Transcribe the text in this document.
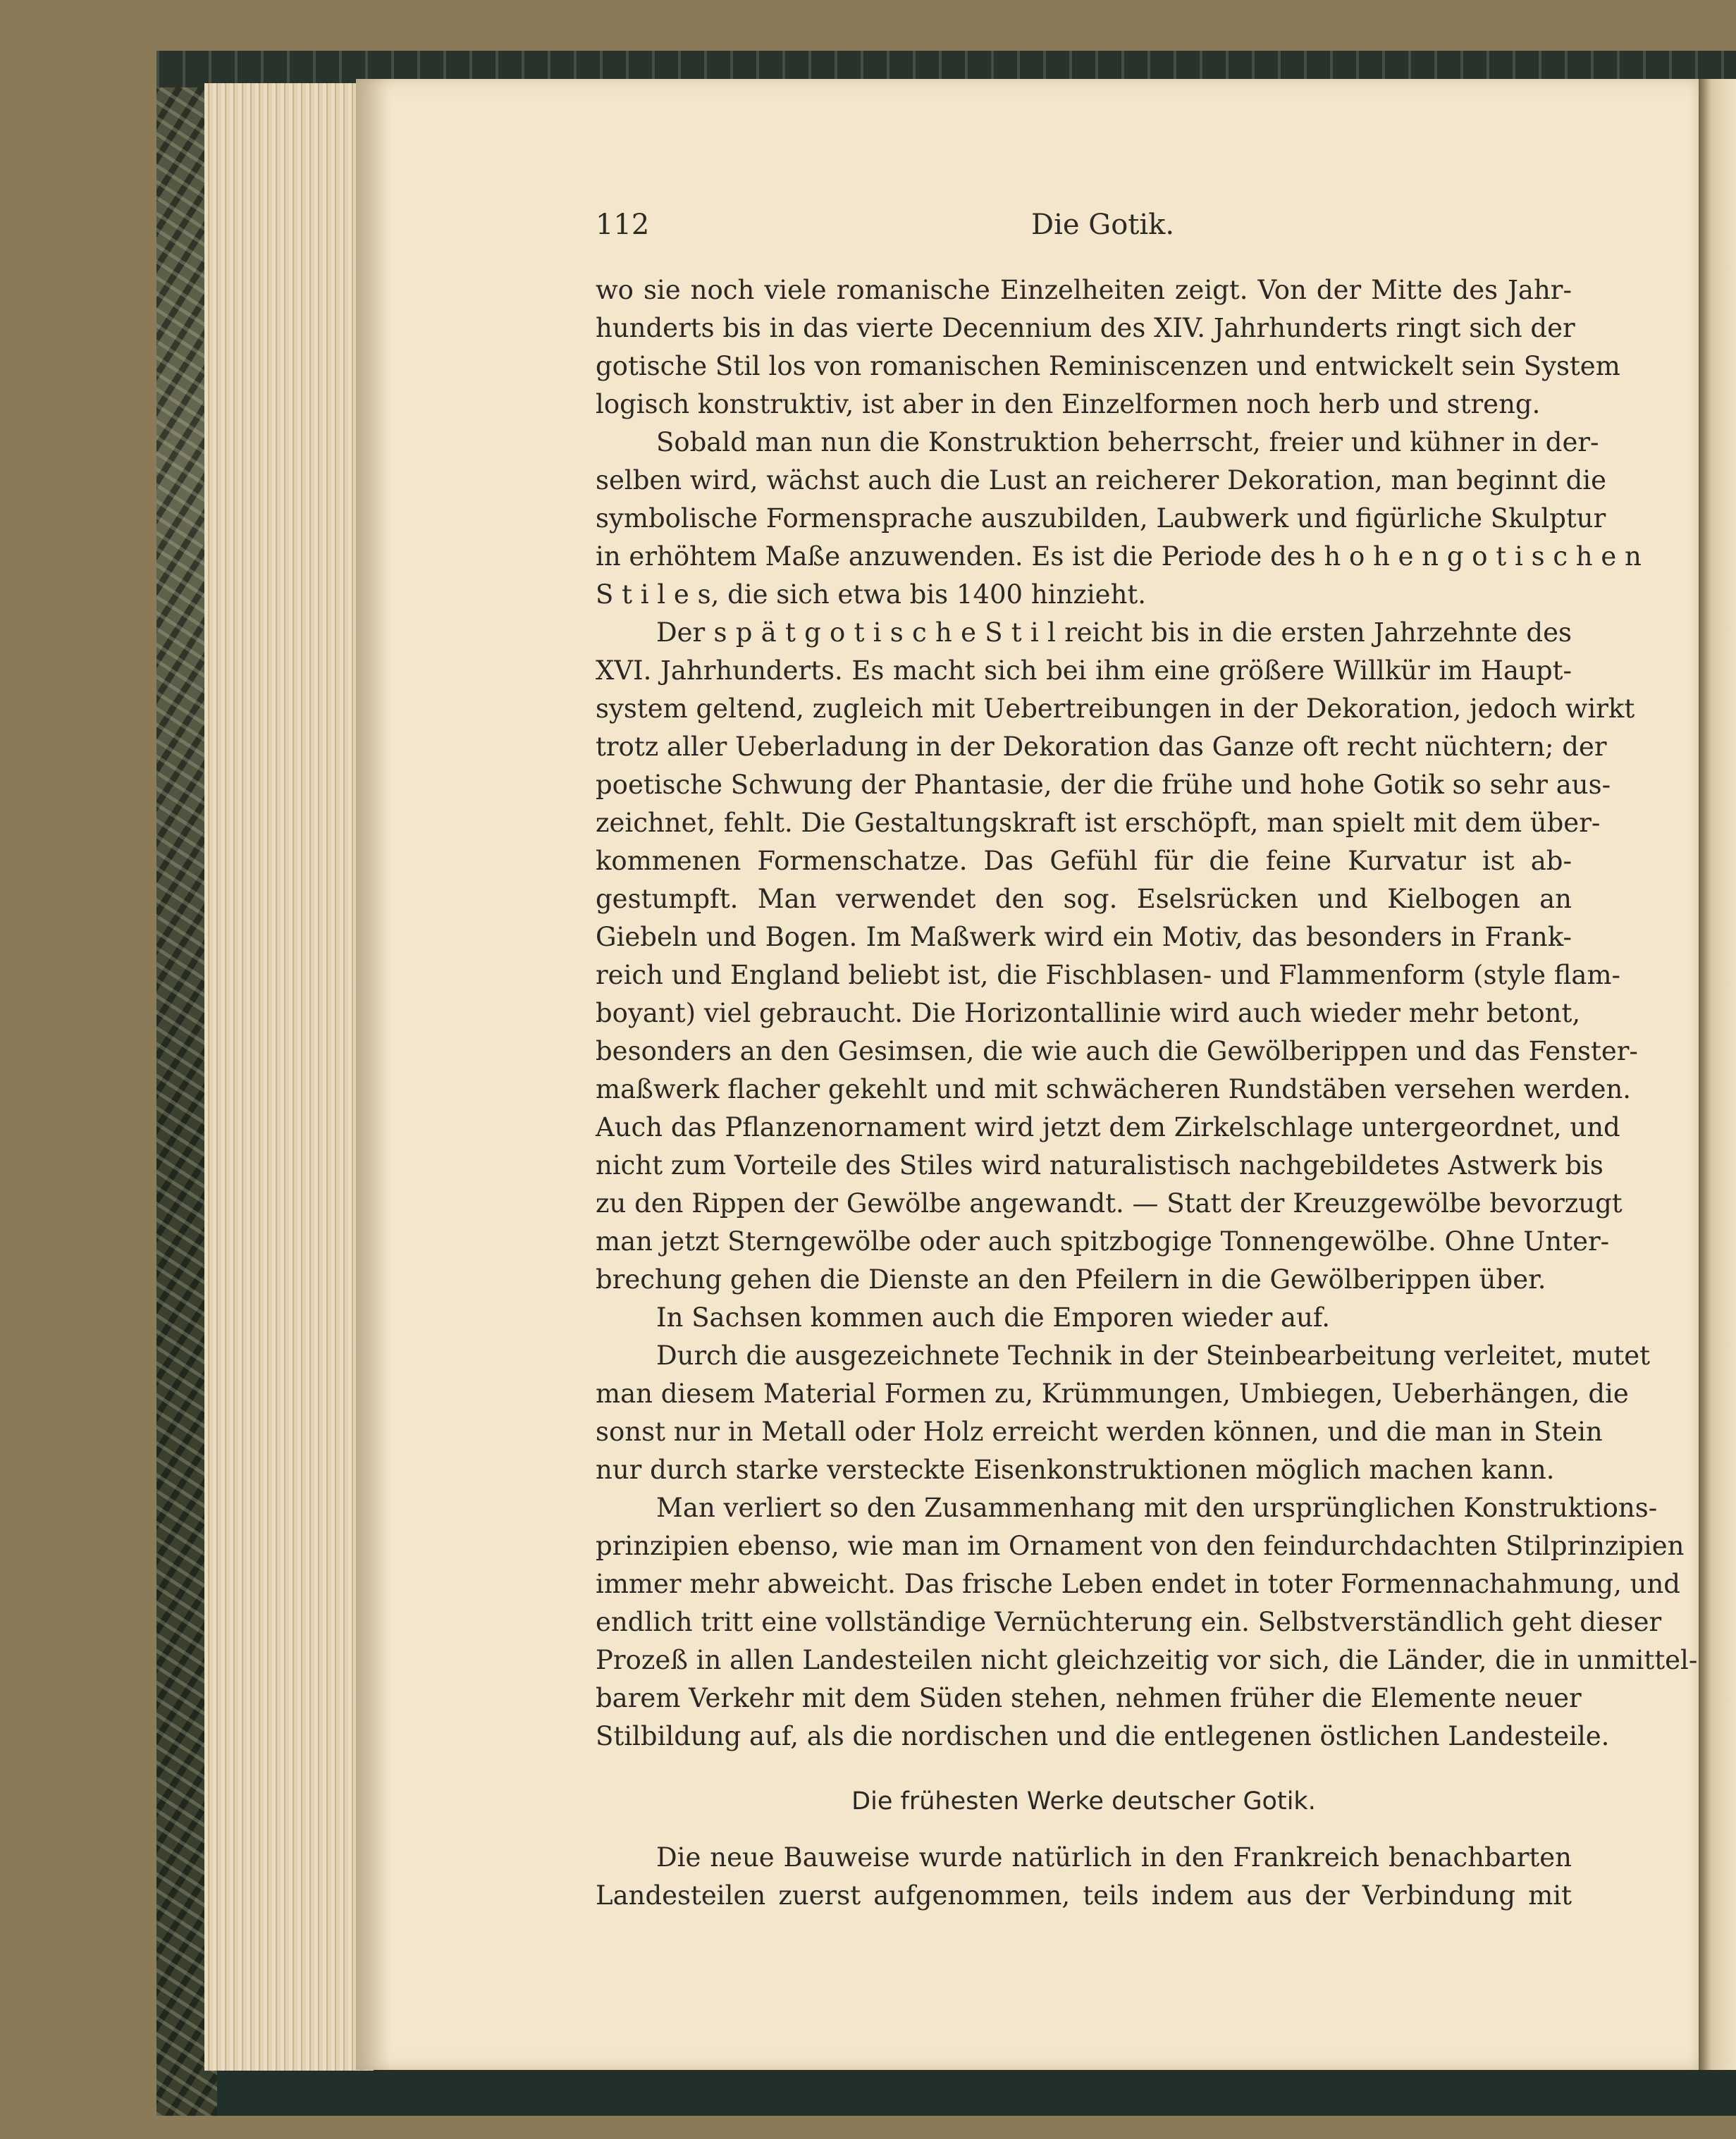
112	Die Gotik.
wo sie noch viele romanische Einzelheiten zeigt. Von der Mitte des Jahr-
hunderts bis in das vierte Decennium des XIV. Jahrhunderts ringt sich der
gotische Stil los von romanischen Reminiscenzen und entwickelt sein System
logisch konstruktiv, ist aber in den Einzelformen noch herb und streng.
Sobald man nun die Konstruktion beherrscht, freier und kühner in der-
selben wird, wächst auch die Lust an reicherer Dekoration, man beginnt die
symbolische Formensprache auszubilden, Laubwerk und figürliche Skulptur
in erhöhtem Maße anzuwenden. Es ist die Periode des h o h e n g o t i s c h e n
S t i l e s, die sich etwa bis 1400 hinzieht.
Der s p ä t g o t i s c h e S t i l reicht bis in die ersten Jahrzehnte des
XVI. Jahrhunderts. Es macht sich bei ihm eine größere Willkür im Haupt-
system geltend, zugleich mit Uebertreibungen in der Dekoration, jedoch wirkt
trotz aller Ueberladung in der Dekoration das Ganze oft recht nüchtern; der
poetische Schwung der Phantasie, der die frühe und hohe Gotik so sehr aus-
zeichnet, fehlt. Die Gestaltungskraft ist erschöpft, man spielt mit dem über-
kommenen Formenschatze. Das Gefühl für die feine Kurvatur ist ab-
gestumpft. Man verwendet den sog. Eselsrücken und Kielbogen an
Giebeln und Bogen. Im Maßwerk wird ein Motiv, das besonders in Frank-
reich und England beliebt ist, die Fischblasen- und Flammenform (style flam-
boyant) viel gebraucht. Die Horizontallinie wird auch wieder mehr betont,
besonders an den Gesimsen, die wie auch die Gewölberippen und das Fenster-
maßwerk flacher gekehlt und mit schwächeren Rundstäben versehen werden.
Auch das Pflanzenornament wird jetzt dem Zirkelschlage untergeordnet, und
nicht zum Vorteile des Stiles wird naturalistisch nachgebildetes Astwerk bis
zu den Rippen der Gewölbe angewandt. — Statt der Kreuzgewölbe bevorzugt
man jetzt Sterngewölbe oder auch spitzbogige Tonnengewölbe. Ohne Unter-
brechung gehen die Dienste an den Pfeilern in die Gewölberippen über.
In Sachsen kommen auch die Emporen wieder auf.
Durch die ausgezeichnete Technik in der Steinbearbeitung verleitet, mutet
man diesem Material Formen zu, Krümmungen, Umbiegen, Ueberhängen, die
sonst nur in Metall oder Holz erreicht werden können, und die man in Stein
nur durch starke versteckte Eisenkonstruktionen möglich machen kann.
Man verliert so den Zusammenhang mit den ursprünglichen Konstruktions-
prinzipien ebenso, wie man im Ornament von den feindurchdachten Stilprinzipien
immer mehr abweicht. Das frische Leben endet in toter Formennachahmung, und
endlich tritt eine vollständige Vernüchterung ein. Selbstverständlich geht dieser
Prozeß in allen Landesteilen nicht gleichzeitig vor sich, die Länder, die in unmittel-
barem Verkehr mit dem Süden stehen, nehmen früher die Elemente neuer
Stilbildung auf, als die nordischen und die entlegenen östlichen Landesteile.
Die frühesten Werke deutscher Gotik.
Die neue Bauweise wurde natürlich in den Frankreich benachbarten
Landesteilen zuerst aufgenommen, teils indem aus der Verbindung mit
